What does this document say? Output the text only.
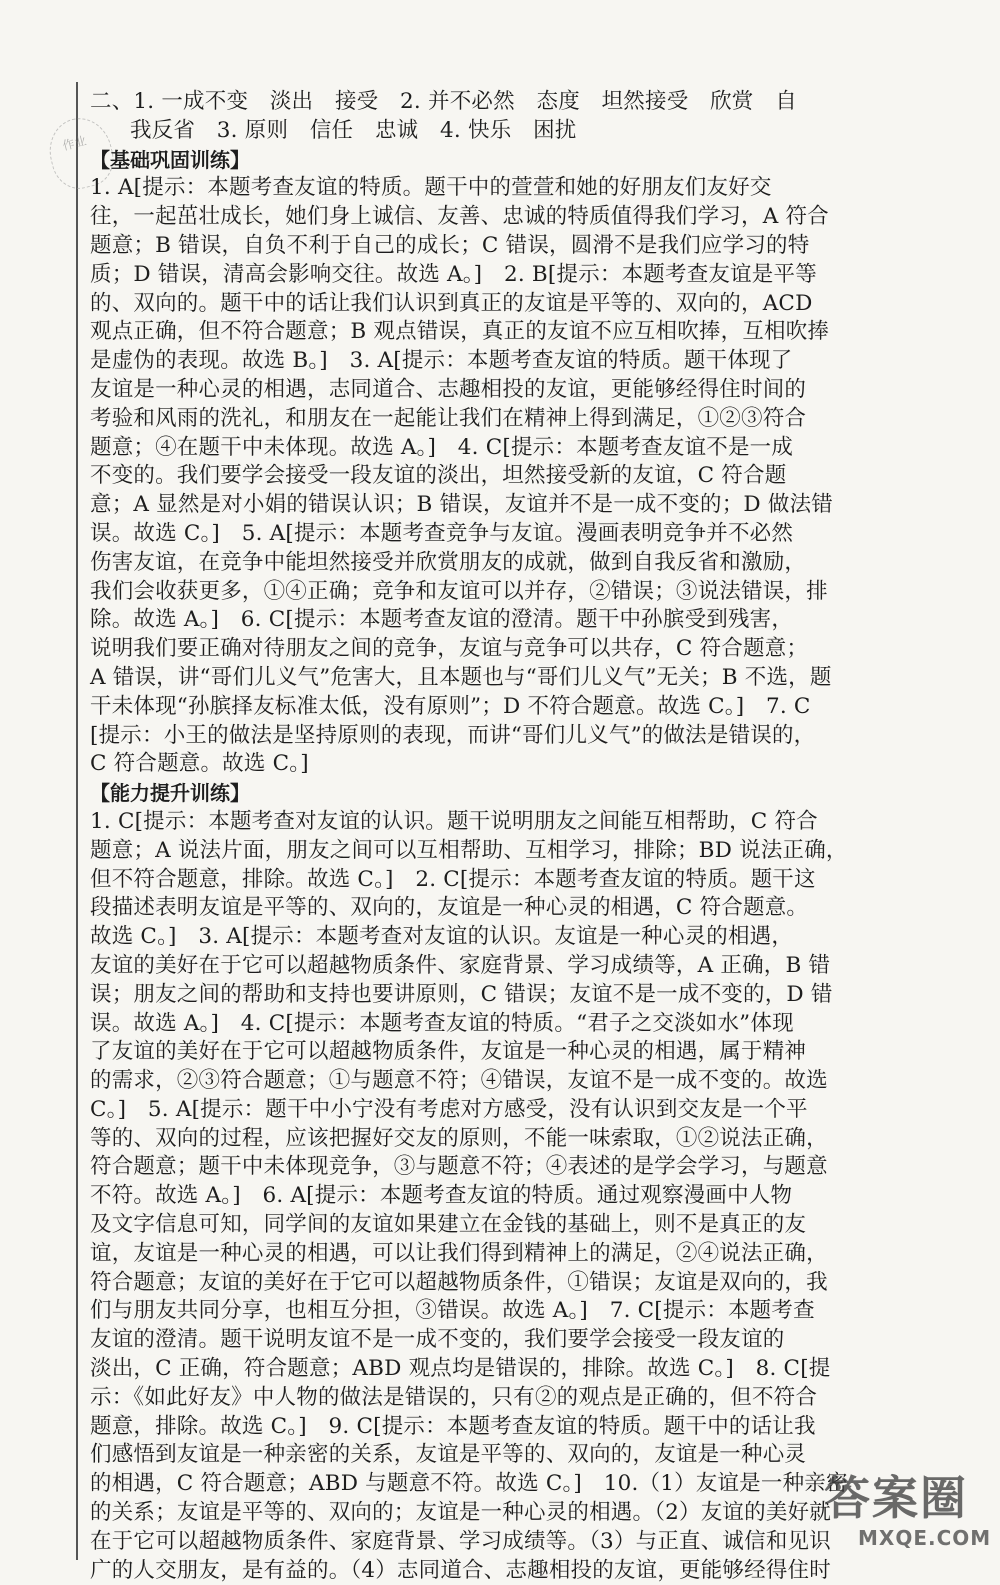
作业
二、1. 一成不变　淡出　接受　2. 并不必然　态度　坦然接受　欣赏　自
我反省　3. 原则　信任　忠诚　4. 快乐　困扰
【基础巩固训练】
1. A[提示：本题考查友谊的特质。题干中的萱萱和她的好朋友们友好交
往，一起茁壮成长，她们身上诚信、友善、忠诚的特质值得我们学习，A 符合
题意；B 错误，自负不利于自己的成长；C 错误，圆滑不是我们应学习的特
质；D 错误，清高会影响交往。故选 A。]　2. B[提示：本题考查友谊是平等
的、双向的。题干中的话让我们认识到真正的友谊是平等的、双向的，ACD
观点正确，但不符合题意；B 观点错误，真正的友谊不应互相吹捧，互相吹捧
是虚伪的表现。故选 B。]　3. A[提示：本题考查友谊的特质。题干体现了
友谊是一种心灵的相遇，志同道合、志趣相投的友谊，更能够经得住时间的
考验和风雨的洗礼，和朋友在一起能让我们在精神上得到满足，①②③符合
题意；④在题干中未体现。故选 A。]　4. C[提示：本题考查友谊不是一成
不变的。我们要学会接受一段友谊的淡出，坦然接受新的友谊，C 符合题
意；A 显然是对小娟的错误认识；B 错误，友谊并不是一成不变的；D 做法错
误。故选 C。]　5. A[提示：本题考查竞争与友谊。漫画表明竞争并不必然
伤害友谊，在竞争中能坦然接受并欣赏朋友的成就，做到自我反省和激励，
我们会收获更多，①④正确；竞争和友谊可以并存，②错误；③说法错误，排
除。故选 A。]　6. C[提示：本题考查友谊的澄清。题干中孙膑受到残害，
说明我们要正确对待朋友之间的竞争，友谊与竞争可以共存，C 符合题意；
A 错误，讲“哥们儿义气”危害大，且本题也与“哥们儿义气”无关；B 不选，题
干未体现“孙膑择友标准太低，没有原则”；D 不符合题意。故选 C。]　7. C
[提示：小王的做法是坚持原则的表现，而讲“哥们儿义气”的做法是错误的，
C 符合题意。故选 C。]
【能力提升训练】
1. C[提示：本题考查对友谊的认识。题干说明朋友之间能互相帮助，C 符合
题意；A 说法片面，朋友之间可以互相帮助、互相学习，排除；BD 说法正确，
但不符合题意，排除。故选 C。]　2. C[提示：本题考查友谊的特质。题干这
段描述表明友谊是平等的、双向的，友谊是一种心灵的相遇，C 符合题意。
故选 C。]　3. A[提示：本题考查对友谊的认识。友谊是一种心灵的相遇，
友谊的美好在于它可以超越物质条件、家庭背景、学习成绩等，A 正确，B 错
误；朋友之间的帮助和支持也要讲原则，C 错误；友谊不是一成不变的，D 错
误。故选 A。]　4. C[提示：本题考查友谊的特质。“君子之交淡如水”体现
了友谊的美好在于它可以超越物质条件，友谊是一种心灵的相遇，属于精神
的需求，②③符合题意；①与题意不符；④错误，友谊不是一成不变的。故选
C。]　5. A[提示：题干中小宁没有考虑对方感受，没有认识到交友是一个平
等的、双向的过程，应该把握好交友的原则，不能一味索取，①②说法正确，
符合题意；题干中未体现竞争，③与题意不符；④表述的是学会学习，与题意
不符。故选 A。]　6. A[提示：本题考查友谊的特质。通过观察漫画中人物
及文字信息可知，同学间的友谊如果建立在金钱的基础上，则不是真正的友
谊，友谊是一种心灵的相遇，可以让我们得到精神上的满足，②④说法正确，
符合题意；友谊的美好在于它可以超越物质条件，①错误；友谊是双向的，我
们与朋友共同分享，也相互分担，③错误。故选 A。]　7. C[提示：本题考查
友谊的澄清。题干说明友谊不是一成不变的，我们要学会接受一段友谊的
淡出，C 正确，符合题意；ABD 观点均是错误的，排除。故选 C。]　8. C[提
示：《如此好友》中人物的做法是错误的，只有②的观点是正确的，但不符合
题意，排除。故选 C。]　9. C[提示：本题考查友谊的特质。题干中的话让我
们感悟到友谊是一种亲密的关系，友谊是平等的、双向的，友谊是一种心灵
的相遇，C 符合题意；ABD 与题意不符。故选 C。]　10.（1）友谊是一种亲密
的关系；友谊是平等的、双向的；友谊是一种心灵的相遇。（2）友谊的美好就
在于它可以超越物质条件、家庭背景、学习成绩等。（3）与正直、诚信和见识
广的人交朋友，是有益的。（4）志同道合、志趣相投的友谊，更能够经得住时
答案圈
MXQE.COM
